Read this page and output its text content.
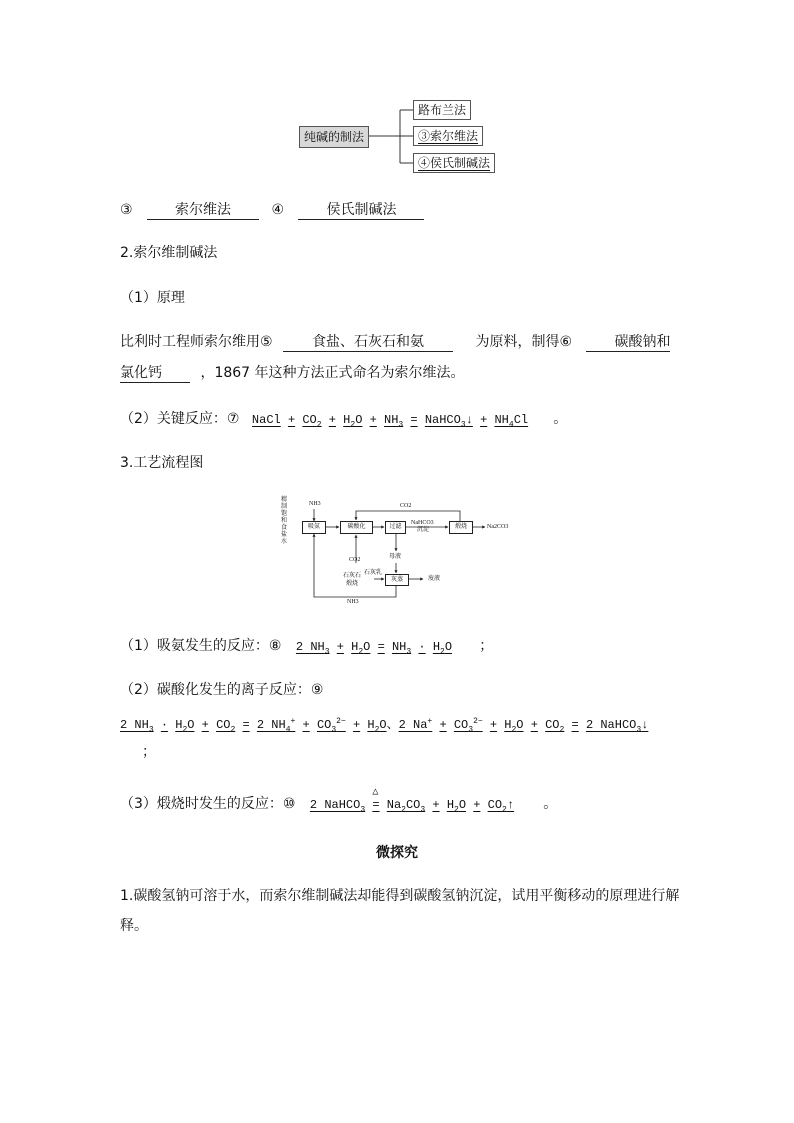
纯碱的制法
路布兰法
③索尔维法
④侯氏制碱法
③	索尔维法	④	侯氏制碱法
2.索尔维制碱法
（1）原理
比利时工程师索尔维用⑤	食盐、石灰石和氨	为原料，制得⑥	碳酸钠和
氯化钙	，1867 年这种方法正式命名为索尔维法。
（2）关键反应：⑦ NaCl + $CO_2 + H_2O + NH_3$ = NaHCO$_3$↓ + $NH_4Cl$ 。
3.工艺流程图
精制饱和食盐水
NH3
吸氨	碳酸化	过滤
NaHCO3
沉淀	煅烧	Na2CO3
CO2
CO2	母液
石灰石
煅烧
石灰乳
灰蒸	废液
NH3
（1）吸氨发生的反应：⑧ 2 $NH_3 + H_2O = NH_3 \cdot H_2O$ ；
（2）碳酸化发生的离子反应：⑨
2 $NH_3 \cdot H_2O + CO_2 = 2$ $NH_4^+ + CO_3^{2-} + H_2O$、2 $Na^+ + CO_3^{2-} + H_2O + CO_2 = 2$ NaHCO$_3$↓
；
（3）煅烧时发生的反应：⑩ 2 NaHCO$_3$
△
= $Na_2CO_3 + H_2O$ + $CO_2↑$ 。
微探究
1.碳酸氢钠可溶于水，而索尔维制碱法却能得到碳酸氢钠沉淀，试用平衡移动的原理进行解
释。
